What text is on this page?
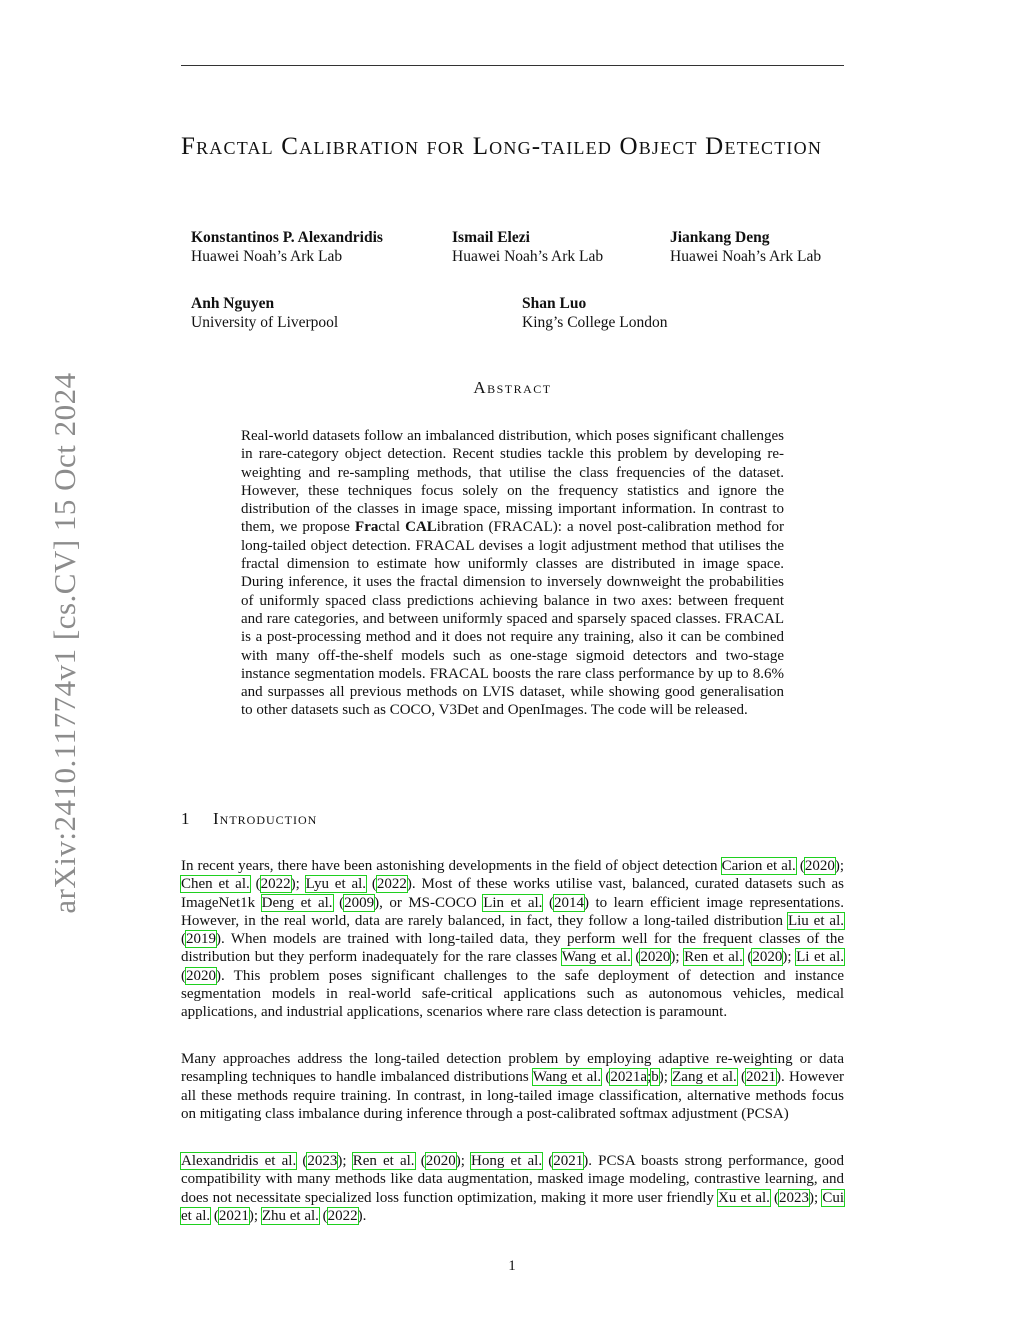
arXiv:2410.11774v1 [cs.CV] 15 Oct 2024
Fractal Calibration for Long-tailed Object Detection
Konstantinos P. Alexandridis
Huawei Noah’s Ark Lab
Ismail Elezi
Huawei Noah’s Ark Lab
Jiankang Deng
Huawei Noah’s Ark Lab
Anh Nguyen
University of Liverpool
Shan Luo
King’s College London
Abstract
Real-world datasets follow an imbalanced distribution, which poses significant challenges in rare-category object detection. Recent studies tackle this problem by developing re-weighting and re-sampling methods, that utilise the class frequencies of the dataset. However, these techniques focus solely on the frequency statistics and ignore the distribution of the classes in image space, missing important information. In contrast to them, we propose Fractal CALibration (FRACAL): a novel post-calibration method for long-tailed object detection. FRACAL devises a logit adjustment method that utilises the fractal dimension to estimate how uniformly classes are distributed in image space. During inference, it uses the fractal dimension to inversely downweight the probabilities of uniformly spaced class predictions achieving balance in two axes: between frequent and rare categories, and between uniformly spaced and sparsely spaced classes. FRACAL is a post-processing method and it does not require any training, also it can be combined with many off-the-shelf models such as one-stage sigmoid detectors and two-stage instance segmentation models. FRACAL boosts the rare class performance by up to 8.6% and surpasses all previous methods on LVIS dataset, while showing good generalisation to other datasets such as COCO, V3Det and OpenImages. The code will be released.
1 Introduction

In recent years, there have been astonishing developments in the field of object detection Carion et al. (2020); Chen et al. (2022); Lyu et al. (2022). Most of these works utilise vast, balanced, curated datasets such as ImageNet1k Deng et al. (2009), or MS-COCO Lin et al. (2014) to learn efficient image representations. However, in the real world, data are rarely balanced, in fact, they follow a long-tailed distribution Liu et al. (2019). When models are trained with long-tailed data, they perform well for the frequent classes of the distribution but they perform inadequately for the rare classes Wang et al. (2020); Ren et al. (2020); Li et al. (2020). This problem poses significant challenges to the safe deployment of detection and instance segmentation models in real-world safe-critical applications such as autonomous vehicles, medical applications, and industrial applications, scenarios where rare class detection is paramount.

Many approaches address the long-tailed detection problem by employing adaptive re-weighting or data resampling techniques to handle imbalanced distributions Wang et al. (2021a;b); Zang et al. (2021). However all these methods require training. In contrast, in long-tailed image classification, alternative methods focus on mitigating class imbalance during inference through a post-calibrated softmax adjustment (PCSA)

Alexandridis et al. (2023); Ren et al. (2020); Hong et al. (2021). PCSA boasts strong performance, good compatibility with many methods like data augmentation, masked image modeling, contrastive learning, and does not necessitate specialized loss function optimization, making it more user friendly Xu et al. (2023); Cui et al. (2021); Zhu et al. (2022).

1
